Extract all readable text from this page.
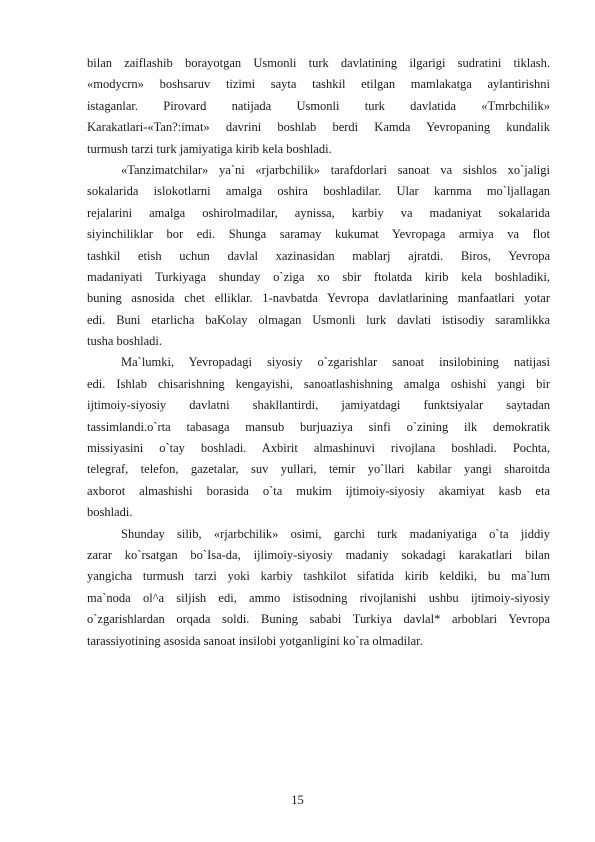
bilan zaiflashib borayotgan Usmonli turk davlatining ilgarigi sudratini tiklash.
«modycrn» boshsaruv tizimi sayta tashkil etilgan mamlakatga aylantirishni
istaganlar. Pirovard natijada Usmonli turk davlatida «Tmrbchilik»
Karakatlari-«Tan?:imat» davrini boshlab berdi Kamda Yevropaning kundalik
turmush tarzi turk jamiyatiga kirib kela boshladi.
«Tanzimatchilar» ya`ni «rjarbchilik» tarafdorlari sanoat va sishlos xo`jaligi
sokalarida islokotlarni amalga oshira boshladilar. Ular karnma mo`ljallagan
rejalarini amalga oshirolmadilar, aynissa, karbiy va madaniyat sokalarida
siyinchiliklar bor edi. Shunga saramay kukumat Yevropaga armiya va flot
tashkil etish uchun davlal xazinasidan mablarj ajratdi. Biros, Yevropa
madaniyati Turkiyaga shunday o`ziga xo sbir ftolatda kirib kela boshladiki,
buning asnosida chet elliklar. 1-navbatda Yevropa davlatlarining manfaatlari yotar
edi. Buni etarlicha baKolay olmagan Usmonli lurk davlati istisodiy saramlikka
tusha boshladi.
Ma`lumki, Yevropadagi siyosiy o`zgarishlar sanoat insilobining natijasi
edi. Ishlab chisarishning kengayishi, sanoatlashishning amalga oshishi yangi bir
ijtimoiy-siyosiy davlatni shakllantirdi, jamiyatdagi funktsiyalar saytadan
tassimlandi.o`rta tabasaga mansub burjuaziya sinfi o`zining ilk demokratik
missiyasini o`tay boshladi. Axbirit almashinuvi rivojlana boshladi. Pochta,
telegraf, telefon, gazetalar, suv yullari, temir yo`llari kabilar yangi sharoitda
axborot almashishi borasida o`ta mukim ijtimoiy-siyosiy akamiyat kasb eta
boshladi.
Shunday silib, «rjarbchilik» osimi, garchi turk madaniyatiga o`ta jiddiy
zarar ko`rsatgan bo`Isa-da, ijlimoiy-siyosiy madaniy sokadagi karakatlari bilan
yangicha turmush tarzi yoki karbiy tashkilot sifatida kirib keldiki, bu ma`lum
ma`noda ol^a siljish edi, ammo istisodning rivojlanishi ushbu ijtimoiy-siyosiy
o`zgarishlardan orqada soldi. Buning sababi Turkiya davlal* arboblari Yevropa
tarassiyotining asosida sanoat insilobi yotganligini ko`ra olmadilar.
15
